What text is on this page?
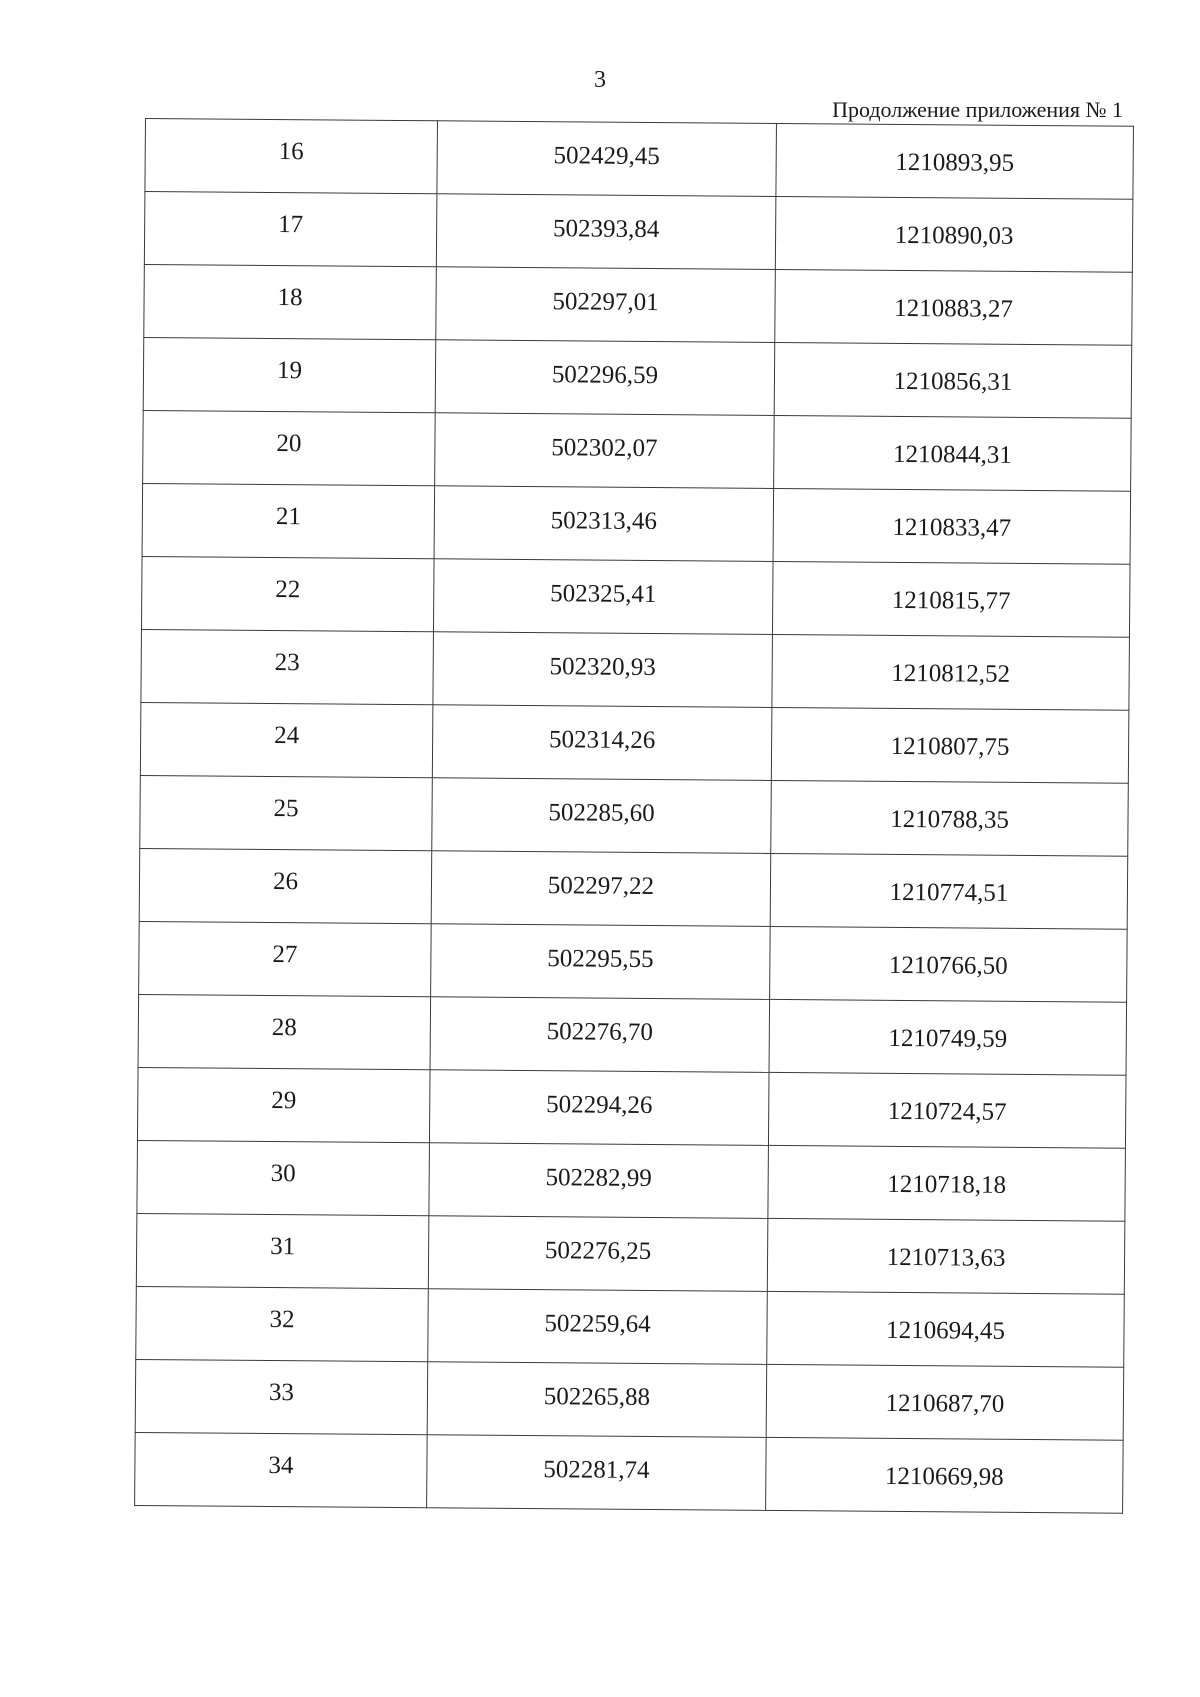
3
Продолжение приложения № 1
16	502429,45	1210893,95
17	502393,84	1210890,03
18	502297,01	1210883,27
19	502296,59	1210856,31
20	502302,07	1210844,31
21	502313,46	1210833,47
22	502325,41	1210815,77
23	502320,93	1210812,52
24	502314,26	1210807,75
25	502285,60	1210788,35
26	502297,22	1210774,51
27	502295,55	1210766,50
28	502276,70	1210749,59
29	502294,26	1210724,57
30	502282,99	1210718,18
31	502276,25	1210713,63
32	502259,64	1210694,45
33	502265,88	1210687,70
34	502281,74	1210669,98
